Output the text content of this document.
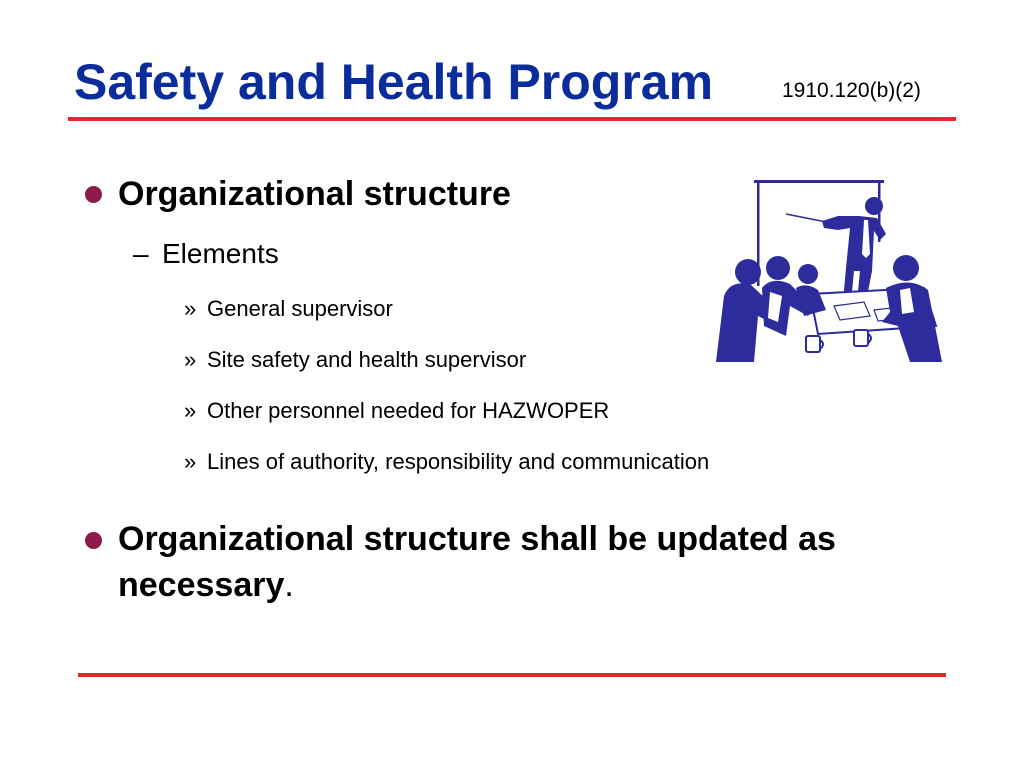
Safety and Health Program	1910.120(b)(2)
Organizational structure
– Elements
» General supervisor
» Site safety and health supervisor
» Other personnel needed for HAZWOPER
» Lines of authority, responsibility and communication
Organizational structure shall be updated as necessary.
